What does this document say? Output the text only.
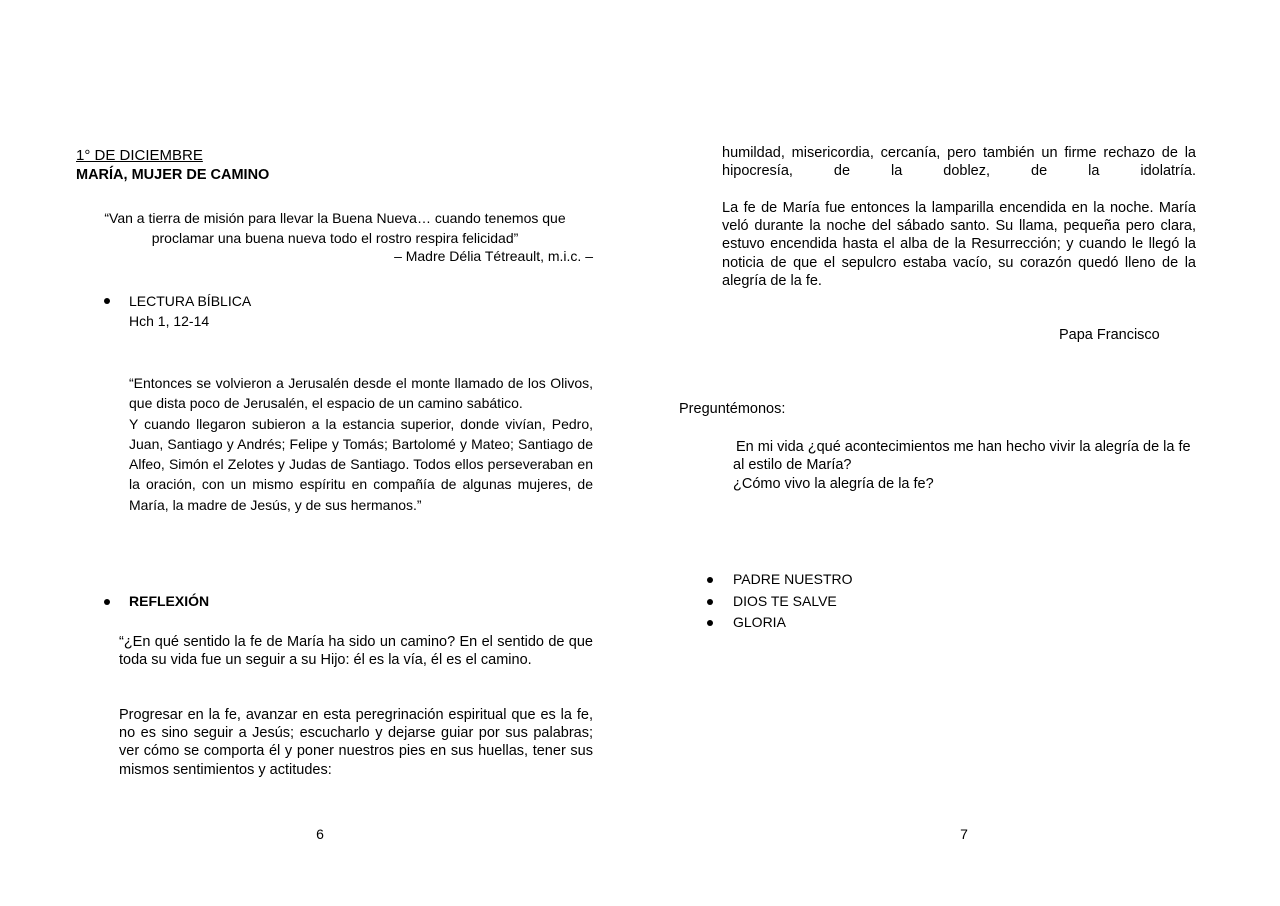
1° DE DICIEMBRE
MARÍA, MUJER DE CAMINO
“Van a tierra de misión para llevar la Buena Nueva… cuando tenemos que proclamar una buena nueva todo el rostro respira felicidad”
– Madre Délia Tétreault, m.i.c. –
LECTURA BÍBLICA
Hch 1, 12-14
“Entonces se volvieron a Jerusalén desde el monte llamado de los Olivos, que dista poco de Jerusalén, el espacio de un camino sabático.
Y cuando llegaron subieron a la estancia superior, donde vivían, Pedro, Juan, Santiago y Andrés; Felipe y Tomás; Bartolomé y Mateo; Santiago de Alfeo, Simón el Zelotes y Judas de Santiago. Todos ellos perseveraban en la oración, con un mismo espíritu en compañía de algunas mujeres, de María, la madre de Jesús, y de sus hermanos.”
REFLEXIÓN
“¿En qué sentido la fe de María ha sido un camino? En el sentido de que toda su vida fue un seguir a su Hijo: él es la vía, él es el camino.
Progresar en la fe, avanzar en esta peregrinación espiritual que es la fe, no es sino seguir a Jesús; escucharlo y dejarse guiar por sus palabras; ver cómo se comporta él y poner nuestros pies en sus huellas, tener sus mismos sentimientos y actitudes:
6
humildad, misericordia, cercanía, pero también un firme rechazo de la hipocresía, de la doblez, de la idolatría.
La fe de María fue entonces la lamparilla encendida en la noche. María veló durante la noche del sábado santo. Su llama, pequeña pero clara, estuvo encendida hasta el alba de la Resurrección; y cuando le llegó la noticia de que el sepulcro estaba vacío, su corazón quedó lleno de la alegría de la fe.
Papa Francisco
Preguntémonos:
En mi vida ¿qué acontecimientos me han hecho vivir la alegría de la fe al estilo de María?
¿Cómo vivo la alegría de la fe?
PADRE NUESTRO
DIOS TE SALVE
GLORIA
7
